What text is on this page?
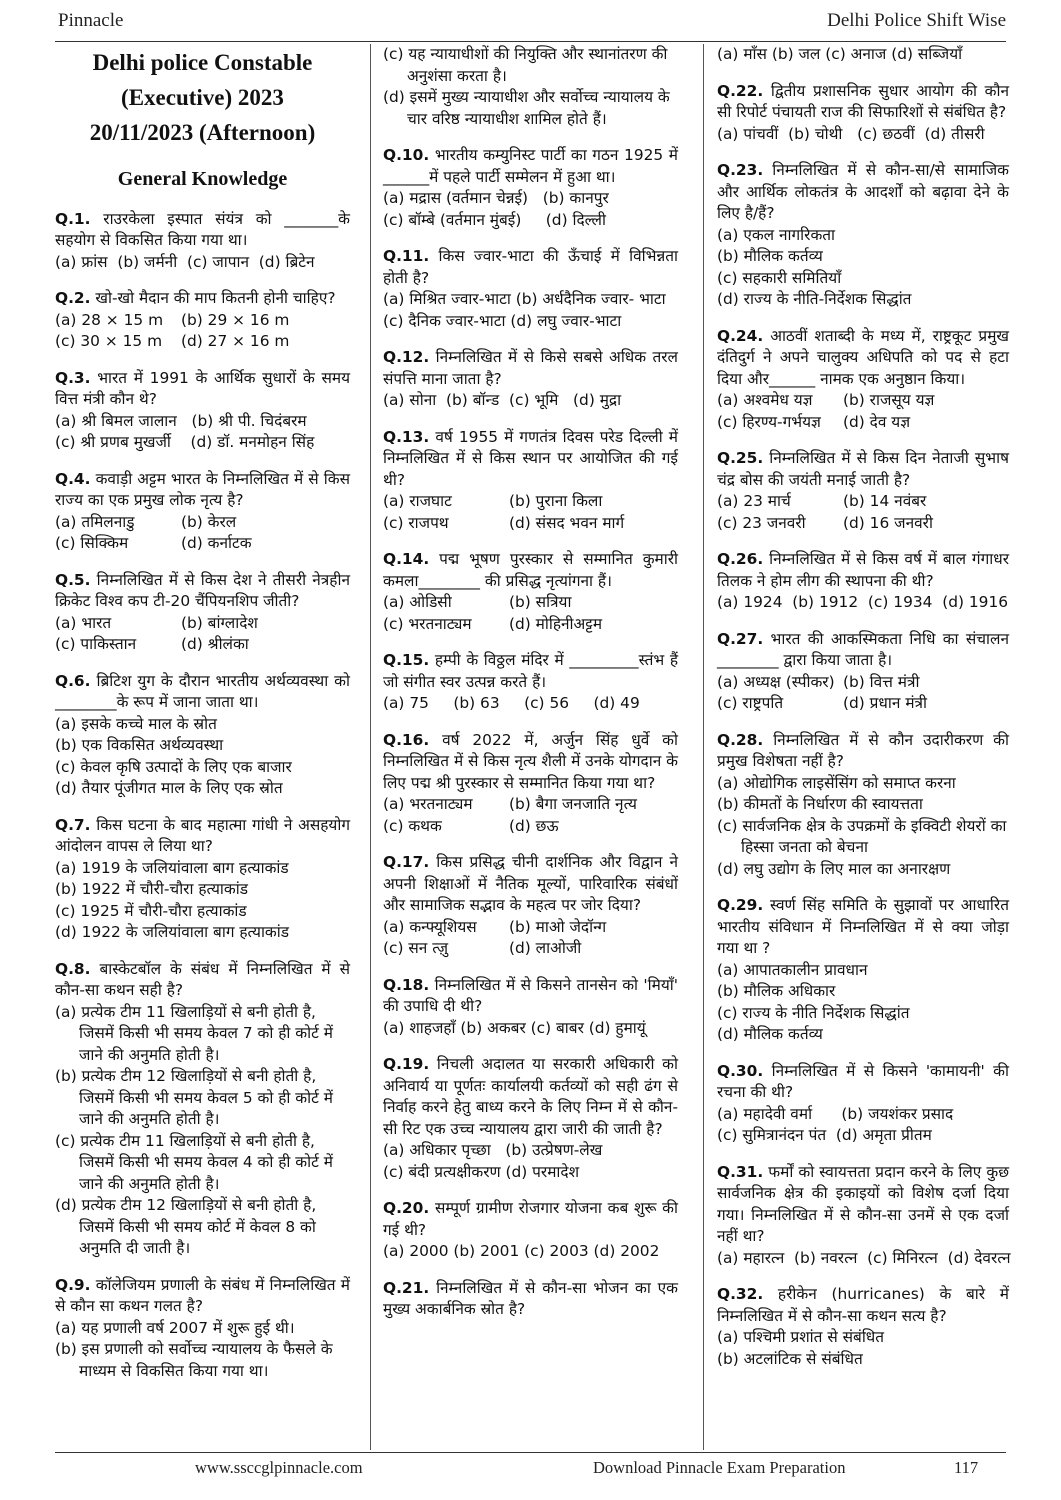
Pinnacle	Delhi Police Shift Wise
Delhi police Constable
(Executive) 2023
20/11/2023 (Afternoon)
General Knowledge
Q.1. राउरकेला इस्पात संयंत्र को _______के सहयोग से विकसित किया गया था।
(a) फ्रांस  (b) जर्मनी  (c) जापान  (d) ब्रिटेन
Q.2. खो-खो मैदान की माप कितनी होनी चाहिए?
(a) 28 × 15 m	(b) 29 × 16 m
(c) 30 × 15 m	(d) 27 × 16 m
Q.3. भारत में 1991 के आर्थिक सुधारों के समय वित्त मंत्री कौन थे?
(a) श्री बिमल जालान   (b) श्री पी. चिदंबरम
(c) श्री प्रणब मुखर्जी    (d) डॉ. मनमोहन सिंह
Q.4. कवाड़ी अट्टम भारत के निम्नलिखित में से किस राज्य का एक प्रमुख लोक नृत्य है?
(a) तमिलनाडु	(b) केरल
(c) सिक्किम	(d) कर्नाटक
Q.5. निम्नलिखित में से किस देश ने तीसरी नेत्रहीन क्रिकेट विश्व कप टी-20 चैंपियनशिप जीती?
(a) भारत	(b) बांग्लादेश
(c) पाकिस्तान	(d) श्रीलंका
Q.6. ब्रिटिश युग के दौरान भारतीय अर्थव्यवस्था को ________के रूप में जाना जाता था।
(a) इसके कच्चे माल के स्रोत
(b) एक विकसित अर्थव्यवस्था
(c) केवल कृषि उत्पादों के लिए एक बाजार
(d) तैयार पूंजीगत माल के लिए एक स्रोत
Q.7. किस घटना के बाद महात्मा गांधी ने असहयोग आंदोलन वापस ले लिया था?
(a) 1919 के जलियांवाला बाग हत्याकांड
(b) 1922 में चौरी-चौरा हत्याकांड
(c) 1925 में चौरी-चौरा हत्याकांड
(d) 1922 के जलियांवाला बाग हत्याकांड
Q.8. बास्केटबॉल के संबंध में निम्नलिखित में से कौन-सा कथन सही है?
(a) प्रत्येक टीम 11 खिलाड़ियों से बनी होती है, जिसमें किसी भी समय केवल 7 को ही कोर्ट में जाने की अनुमति होती है।
(b) प्रत्येक टीम 12 खिलाड़ियों से बनी होती है, जिसमें किसी भी समय केवल 5 को ही कोर्ट में जाने की अनुमति होती है।
(c) प्रत्येक टीम 11 खिलाड़ियों से बनी होती है, जिसमें किसी भी समय केवल 4 को ही कोर्ट में जाने की अनुमति होती है।
(d) प्रत्येक टीम 12 खिलाड़ियों से बनी होती है, जिसमें किसी भी समय कोर्ट में केवल 8 को अनुमति दी जाती है।
Q.9. कॉलेजियम प्रणाली के संबंध में निम्नलिखित में से कौन सा कथन गलत है?
(a) यह प्रणाली वर्ष 2007 में शुरू हुई थी।
(b) इस प्रणाली को सर्वोच्च न्यायालय के फैसले के माध्यम से विकसित किया गया था।
(c) यह न्यायाधीशों की नियुक्ति और स्थानांतरण की अनुशंसा करता है।
(d) इसमें मुख्य न्यायाधीश और सर्वोच्च न्यायालय के चार वरिष्ठ न्यायाधीश शामिल होते हैं।
Q.10. भारतीय कम्युनिस्ट पार्टी का गठन 1925 में ______में पहले पार्टी सम्मेलन में हुआ था।
(a) मद्रास (वर्तमान चेन्नई)   (b) कानपुर
(c) बॉम्बे (वर्तमान मुंबई)     (d) दिल्ली
Q.11. किस ज्वार-भाटा की ऊँचाई में विभिन्नता होती है?
(a) मिश्रित ज्वार-भाटा (b) अर्धदैनिक ज्वार- भाटा
(c) दैनिक ज्वार-भाटा (d) लघु ज्वार-भाटा
Q.12. निम्नलिखित में से किसे सबसे अधिक तरल संपत्ति माना जाता है?
(a) सोना  (b) बॉन्ड  (c) भूमि   (d) मुद्रा
Q.13. वर्ष 1955 में गणतंत्र दिवस परेड दिल्ली में निम्नलिखित में से किस स्थान पर आयोजित की गई थी?
(a) राजघाट	(b) पुराना किला
(c) राजपथ	(d) संसद भवन मार्ग
Q.14. पद्म भूषण पुरस्कार से सम्मानित कुमारी कमला________ की प्रसिद्ध नृत्यांगना हैं।
(a) ओडिसी	(b) सत्रिया
(c) भरतनाट्यम	(d) मोहिनीअट्टम
Q.15. हम्पी के विठ्ठल मंदिर में _________स्तंभ हैं जो संगीत स्वर उत्पन्न करते हैं।
(a) 75     (b) 63     (c) 56     (d) 49
Q.16. वर्ष 2022 में, अर्जुन सिंह धुर्वे को निम्नलिखित में से किस नृत्य शैली में उनके योगदान के लिए पद्म श्री पुरस्कार से सम्मानित किया गया था?
(a) भरतनाट्यम	(b) बैगा जनजाति नृत्य
(c) कथक	(d) छऊ
Q.17. किस प्रसिद्ध चीनी दार्शनिक और विद्वान ने अपनी शिक्षाओं में नैतिक मूल्यों, पारिवारिक संबंधों और सामाजिक सद्भाव के महत्व पर जोर दिया?
(a) कन्फ्यूशियस	(b) माओ जेदॉन्ग
(c) सन त्ज़ु	(d) लाओजी
Q.18. निम्नलिखित में से किसने तानसेन को 'मियाँ' की उपाधि दी थी?
(a) शाहजहाँ (b) अकबर (c) बाबर (d) हुमायूं
Q.19. निचली अदालत या सरकारी अधिकारी को अनिवार्य या पूर्णतः कार्यालयी कर्तव्यों को सही ढंग से निर्वाह करने हेतु बाध्य करने के लिए निम्न में से कौन-सी रिट एक उच्च न्यायालय द्वारा जारी की जाती है?
(a) अधिकार पृच्छा   (b) उत्प्रेषण-लेख
(c) बंदी प्रत्यक्षीकरण (d) परमादेश
Q.20. सम्पूर्ण ग्रामीण रोजगार योजना कब शुरू की गई थी?
(a) 2000 (b) 2001 (c) 2003 (d) 2002
Q.21. निम्नलिखित में से कौन-सा भोजन का एक मुख्य अकार्बनिक स्रोत है?
(a) माँस (b) जल (c) अनाज (d) सब्जियाँ
Q.22. द्वितीय प्रशासनिक सुधार आयोग की कौन सी रिपोर्ट पंचायती राज की सिफारिशों से संबंधित है?
(a) पांचवीं  (b) चोथी   (c) छठवीं  (d) तीसरी
Q.23. निम्नलिखित में से कौन-सा/से सामाजिक और आर्थिक लोकतंत्र के आदर्शों को बढ़ावा देने के लिए है/हैं?
(a) एकल नागरिकता
(b) मौलिक कर्तव्य
(c) सहकारी समितियाँ
(d) राज्य के नीति-निर्देशक सिद्धांत
Q.24. आठवीं शताब्दी के मध्य में, राष्ट्रकूट प्रमुख दंतिदुर्ग ने अपने चालुक्य अधिपति को पद से हटा दिया और______ नामक एक अनुष्ठान किया।
(a) अश्वमेध यज्ञ	(b) राजसूय यज्ञ
(c) हिरण्य-गर्भयज्ञ	(d) देव यज्ञ
Q.25. निम्नलिखित में से किस दिन नेताजी सुभाष चंद्र बोस की जयंती मनाई जाती है?
(a) 23 मार्च	(b) 14 नवंबर
(c) 23 जनवरी	(d) 16 जनवरी
Q.26. निम्नलिखित में से किस वर्ष में बाल गंगाधर तिलक ने होम लीग की स्थापना की थी?
(a) 1924  (b) 1912  (c) 1934  (d) 1916
Q.27. भारत की आकस्मिकता निधि का संचालन ________ द्वारा किया जाता है।
(a) अध्यक्ष (स्पीकर) (b) वित्त मंत्री
(c) राष्ट्रपति	(d) प्रधान मंत्री
Q.28. निम्नलिखित में से कौन उदारीकरण की प्रमुख विशेषता नहीं है?
(a) ओद्योगिक लाइसेंसिंग को समाप्त करना
(b) कीमतों के निर्धारण की स्वायत्तता
(c) सार्वजनिक क्षेत्र के उपक्रमों के इक्विटी शेयरों का हिस्सा जनता को बेचना
(d) लघु उद्योग के लिए माल का अनारक्षण
Q.29. स्वर्ण सिंह समिति के सुझावों पर आधारित भारतीय संविधान में निम्नलिखित में से क्या जोड़ा गया था ?
(a) आपातकालीन प्रावधान
(b) मौलिक अधिकार
(c) राज्य के नीति निर्देशक सिद्धांत
(d) मौलिक कर्तव्य
Q.30. निम्नलिखित में से किसने 'कामायनी' की रचना की थी?
(a) महादेवी वर्मा      (b) जयशंकर प्रसाद
(c) सुमित्रानंदन पंत  (d) अमृता प्रीतम
Q.31. फर्मों को स्वायत्तता प्रदान करने के लिए कुछ सार्वजनिक क्षेत्र की इकाइयों को विशेष दर्जा दिया गया। निम्नलिखित में से कौन-सा उनमें से एक दर्जा नहीं था?
(a) महारत्न  (b) नवरत्न  (c) मिनिरत्न  (d) देवरत्न
Q.32. हरीकेन (hurricanes) के बारे में निम्नलिखित में से कौन-सा कथन सत्य है?
(a) पश्चिमी प्रशांत से संबंधित
(b) अटलांटिक से संबंधित
www.ssccglpinnacle.com	Download Pinnacle Exam Preparation	117
